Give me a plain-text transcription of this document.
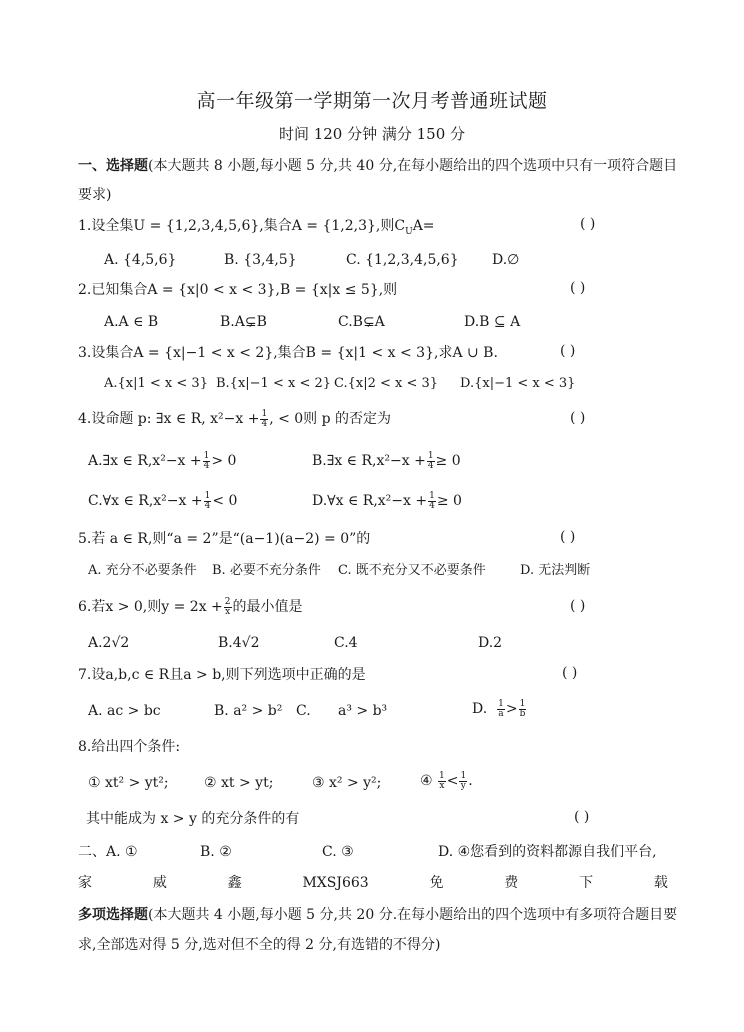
高一年级第一学期第一次月考普通班试题
时间 120 分钟 满分 150 分
一、选择题(本大题共 8 小题,每小题 5 分,共 40 分,在每小题给出的四个选项中只有一项符合题目
要求)
1.设全集U = {1,2,3,4,5,6},集合A = {1,2,3},则$C_UA=$	( )
A. {4,5,6}	B. {3,4,5}	C. {1,2,3,4,5,6} D.∅
2.已知集合A = {x|0 < x < 3},B = {x|x ≤ 5},则	( )
A.A ∈ B	B.A⊊B	C.B⊊A	D.B ⊆ A
3.设集合A = {x|−1 < x < 2},集合B = {x|1 < x < 3},求A ∪ B.	( )
A.{x|1 < x < 3} B.{x|−1 < x < 2} C.{x|2 < x < 3} D.{x|−1 < x < 3}
4.设命题 p: ∃x ∈ R, $x^2-x + \frac{1}{4}$ , < 0则 p 的否定为	( )
A.∃x ∈ $R,x^2-x + \frac{1}{4} > 0$	B.∃x ∈ $R,x^2-x + \frac{1}{4} \ge 0$
C.∀x ∈ $R,x^2-x + \frac{1}{4} < 0$	D.∀x ∈ $R,x^2-x + \frac{1}{4} \ge 0$
5.若 a ∈ R,则“a = 2”是“(a−1)(a−2) = 0”的	( )
A. 充分不必要条件 B. 必要不充分条件 C. 既不充分又不必要条件	D. 无法判断
6.若x > 0,则$y = 2x + \frac{2}{x}$ 的最小值是	( )
A.2√2	B.4√2	C.4	D.2
7.设a,b,c ∈ R且a > b,则下列选项中正确的是	( )
A. ac > bc	B. a² > b² C. a³ > b³	D. $\frac{1}{a} > \frac{1}{b}$
8.给出四个条件:
① xt² > yt²;	② xt > yt;	③ x² > y²;	④ $\frac{1}{x} < \frac{1}{y}$ .
其中能成为 x > y 的充分条件的有	( )
二、A. ①	B. ②	C. ③	D. ④您看到的资料都源自我们平台,
家	威	鑫	MXSJ663	免	费	下	载
多项选择题(本大题共 4 小题,每小题 5 分,共 20 分.在每小题给出的四个选项中有多项符合题目要
求,全部选对得 5 分,选对但不全的得 2 分,有选错的不得分)
